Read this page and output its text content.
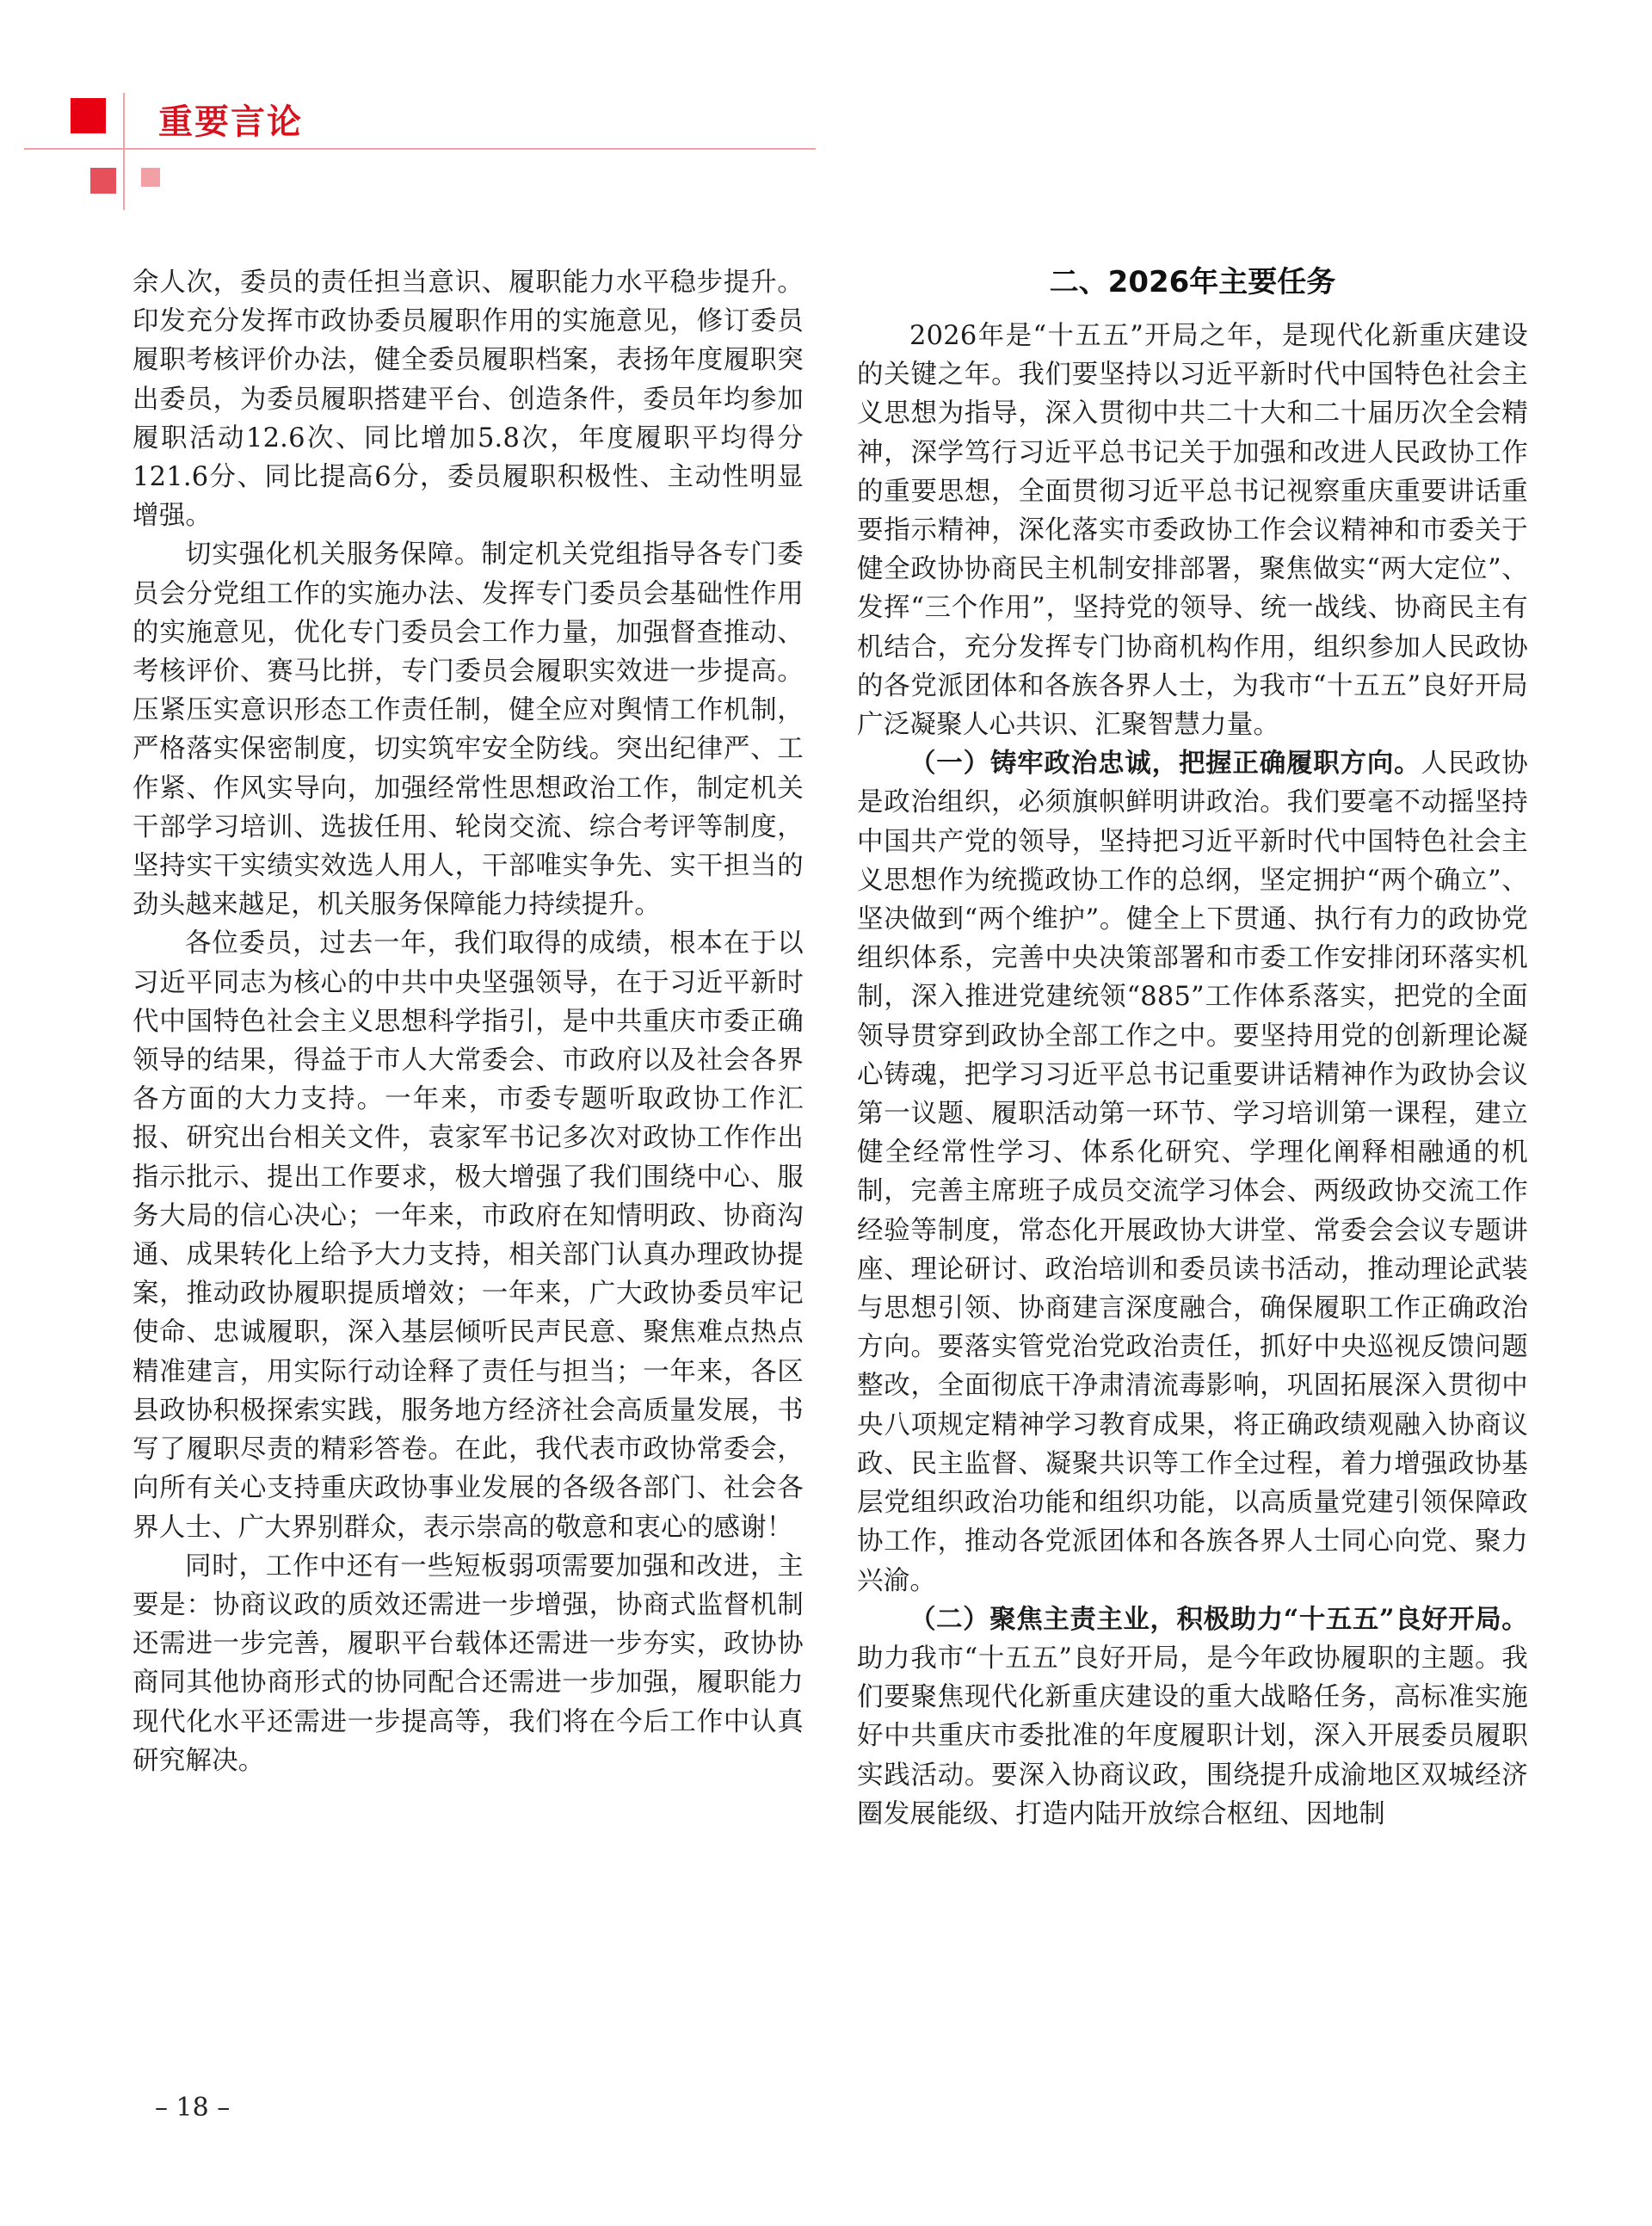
重要言论

余人次，委员的责任担当意识、履职能力水平稳步提升。印发充分发挥市政协委员履职作用的实施意见，修订委员履职考核评价办法，健全委员履职档案，表扬年度履职突出委员，为委员履职搭建平台、创造条件，委员年均参加履职活动12.6次、同比增加5.8次，年度履职平均得分121.6分、同比提高6分，委员履职积极性、主动性明显增强。

切实强化机关服务保障。制定机关党组指导各专门委员会分党组工作的实施办法、发挥专门委员会基础性作用的实施意见，优化专门委员会工作力量，加强督查推动、考核评价、赛马比拼，专门委员会履职实效进一步提高。压紧压实意识形态工作责任制，健全应对舆情工作机制，严格落实保密制度，切实筑牢安全防线。突出纪律严、工作紧、作风实导向，加强经常性思想政治工作，制定机关干部学习培训、选拔任用、轮岗交流、综合考评等制度，坚持实干实绩实效选人用人，干部唯实争先、实干担当的劲头越来越足，机关服务保障能力持续提升。

各位委员，过去一年，我们取得的成绩，根本在于以习近平同志为核心的中共中央坚强领导，在于习近平新时代中国特色社会主义思想科学指引，是中共重庆市委正确领导的结果，得益于市人大常委会、市政府以及社会各界各方面的大力支持。一年来，市委专题听取政协工作汇报、研究出台相关文件，袁家军书记多次对政协工作作出指示批示、提出工作要求，极大增强了我们围绕中心、服务大局的信心决心；一年来，市政府在知情明政、协商沟通、成果转化上给予大力支持，相关部门认真办理政协提案，推动政协履职提质增效；一年来，广大政协委员牢记使命、忠诚履职，深入基层倾听民声民意、聚焦难点热点精准建言，用实际行动诠释了责任与担当；一年来，各区县政协积极探索实践，服务地方经济社会高质量发展，书写了履职尽责的精彩答卷。在此，我代表市政协常委会，向所有关心支持重庆政协事业发展的各级各部门、社会各界人士、广大界别群众，表示崇高的敬意和衷心的感谢！

同时，工作中还有一些短板弱项需要加强和改进，主要是：协商议政的质效还需进一步增强，协商式监督机制还需进一步完善，履职平台载体还需进一步夯实，政协协商同其他协商形式的协同配合还需进一步加强，履职能力现代化水平还需进一步提高等，我们将在今后工作中认真研究解决。

二、2026年主要任务

2026年是“十五五”开局之年，是现代化新重庆建设的关键之年。我们要坚持以习近平新时代中国特色社会主义思想为指导，深入贯彻中共二十大和二十届历次全会精神，深学笃行习近平总书记关于加强和改进人民政协工作的重要思想，全面贯彻习近平总书记视察重庆重要讲话重要指示精神，深化落实市委政协工作会议精神和市委关于健全政协协商民主机制安排部署，聚焦做实“两大定位”、发挥“三个作用”，坚持党的领导、统一战线、协商民主有机结合，充分发挥专门协商机构作用，组织参加人民政协的各党派团体和各族各界人士，为我市“十五五”良好开局广泛凝聚人心共识、汇聚智慧力量。

（一）铸牢政治忠诚，把握正确履职方向。人民政协是政治组织，必须旗帜鲜明讲政治。我们要毫不动摇坚持中国共产党的领导，坚持把习近平新时代中国特色社会主义思想作为统揽政协工作的总纲，坚定拥护“两个确立”、坚决做到“两个维护”。健全上下贯通、执行有力的政协党组织体系，完善中央决策部署和市委工作安排闭环落实机制，深入推进党建统领“885”工作体系落实，把党的全面领导贯穿到政协全部工作之中。要坚持用党的创新理论凝心铸魂，把学习习近平总书记重要讲话精神作为政协会议第一议题、履职活动第一环节、学习培训第一课程，建立健全经常性学习、体系化研究、学理化阐释相融通的机制，完善主席班子成员交流学习体会、两级政协交流工作经验等制度，常态化开展政协大讲堂、常委会会议专题讲座、理论研讨、政治培训和委员读书活动，推动理论武装与思想引领、协商建言深度融合，确保履职工作正确政治方向。要落实管党治党政治责任，抓好中央巡视反馈问题整改，全面彻底干净肃清流毒影响，巩固拓展深入贯彻中央八项规定精神学习教育成果，将正确政绩观融入协商议政、民主监督、凝聚共识等工作全过程，着力增强政协基层党组织政治功能和组织功能，以高质量党建引领保障政协工作，推动各党派团体和各族各界人士同心向党、聚力兴渝。

（二）聚焦主责主业，积极助力“十五五”良好开局。助力我市“十五五”良好开局，是今年政协履职的主题。我们要聚焦现代化新重庆建设的重大战略任务，高标准实施好中共重庆市委批准的年度履职计划，深入开展委员履职实践活动。要深入协商议政，围绕提升成渝地区双城经济圈发展能级、打造内陆开放综合枢纽、因地制

– 18 –
